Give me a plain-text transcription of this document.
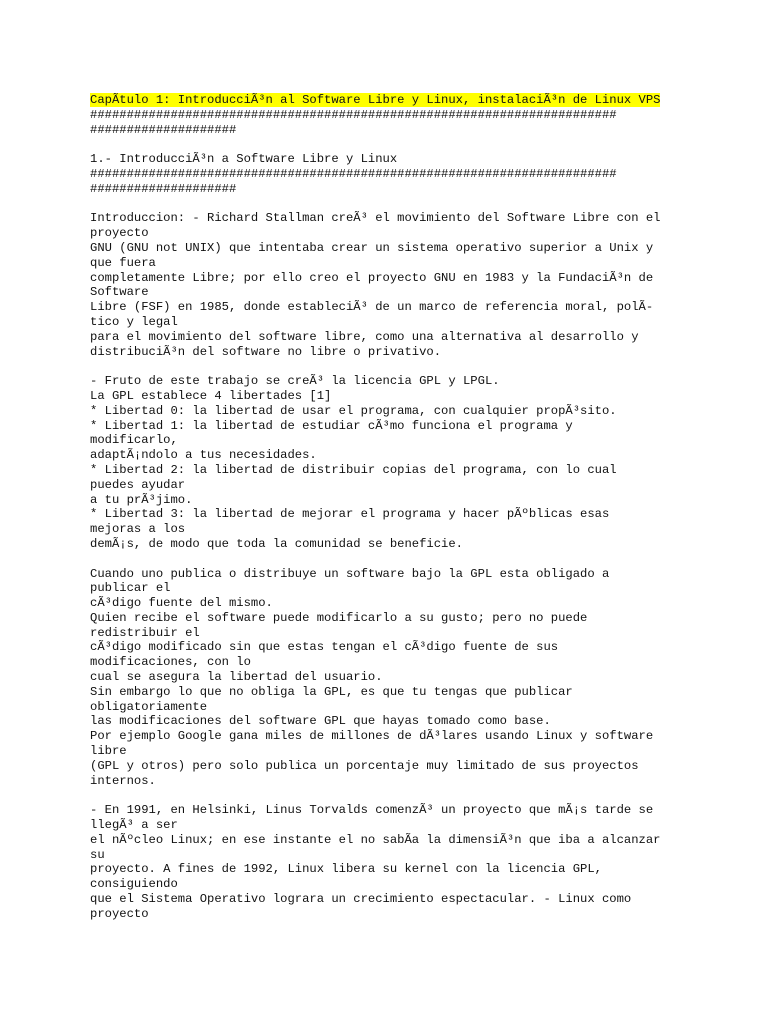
CapÃtulo 1: IntroducciÃ³n al Software Libre y Linux, instalaciÃ³n de Linux VPS
########################################################################
####################
1.- IntroducciÃ³n a Software Libre y Linux
########################################################################
####################
Introduccion: - Richard Stallman creÃ³ el movimiento del Software Libre con el
proyecto
GNU (GNU not UNIX) que intentaba crear un sistema operativo superior a Unix y
que fuera
completamente Libre; por ello creo el proyecto GNU en 1983 y la FundaciÃ³n de
Software
Libre (FSF) en 1985, donde estableciÃ³ de un marco de referencia moral, polÃ-
tico y legal
para el movimiento del software libre, como una alternativa al desarrollo y
distribuciÃ³n del software no libre o privativo.
- Fruto de este trabajo se creÃ³ la licencia GPL y LPGL.
La GPL establece 4 libertades [1]
* Libertad 0: la libertad de usar el programa, con cualquier propÃ³sito.
* Libertad 1: la libertad de estudiar cÃ³mo funciona el programa y
modificarlo,
adaptÃ¡ndolo a tus necesidades.
* Libertad 2: la libertad de distribuir copias del programa, con lo cual
puedes ayudar
a tu prÃ³jimo.
* Libertad 3: la libertad de mejorar el programa y hacer pÃºblicas esas
mejoras a los
demÃ¡s, de modo que toda la comunidad se beneficie.
Cuando uno publica o distribuye un software bajo la GPL esta obligado a
publicar el
cÃ³digo fuente del mismo.
Quien recibe el software puede modificarlo a su gusto; pero no puede
redistribuir el
cÃ³digo modificado sin que estas tengan el cÃ³digo fuente de sus
modificaciones, con lo
cual se asegura la libertad del usuario.
Sin embargo lo que no obliga la GPL, es que tu tengas que publicar
obligatoriamente
las modificaciones del software GPL que hayas tomado como base.
Por ejemplo Google gana miles de millones de dÃ³lares usando Linux y software
libre
(GPL y otros) pero solo publica un porcentaje muy limitado de sus proyectos
internos.
- En 1991, en Helsinki, Linus Torvalds comenzÃ³ un proyecto que mÃ¡s tarde se
llegÃ³ a ser
el nÃºcleo Linux; en ese instante el no sabÃa la dimensiÃ³n que iba a alcanzar
su
proyecto. A fines de 1992, Linux libera su kernel con la licencia GPL,
consiguiendo
que el Sistema Operativo lograra un crecimiento espectacular. - Linux como
proyecto
